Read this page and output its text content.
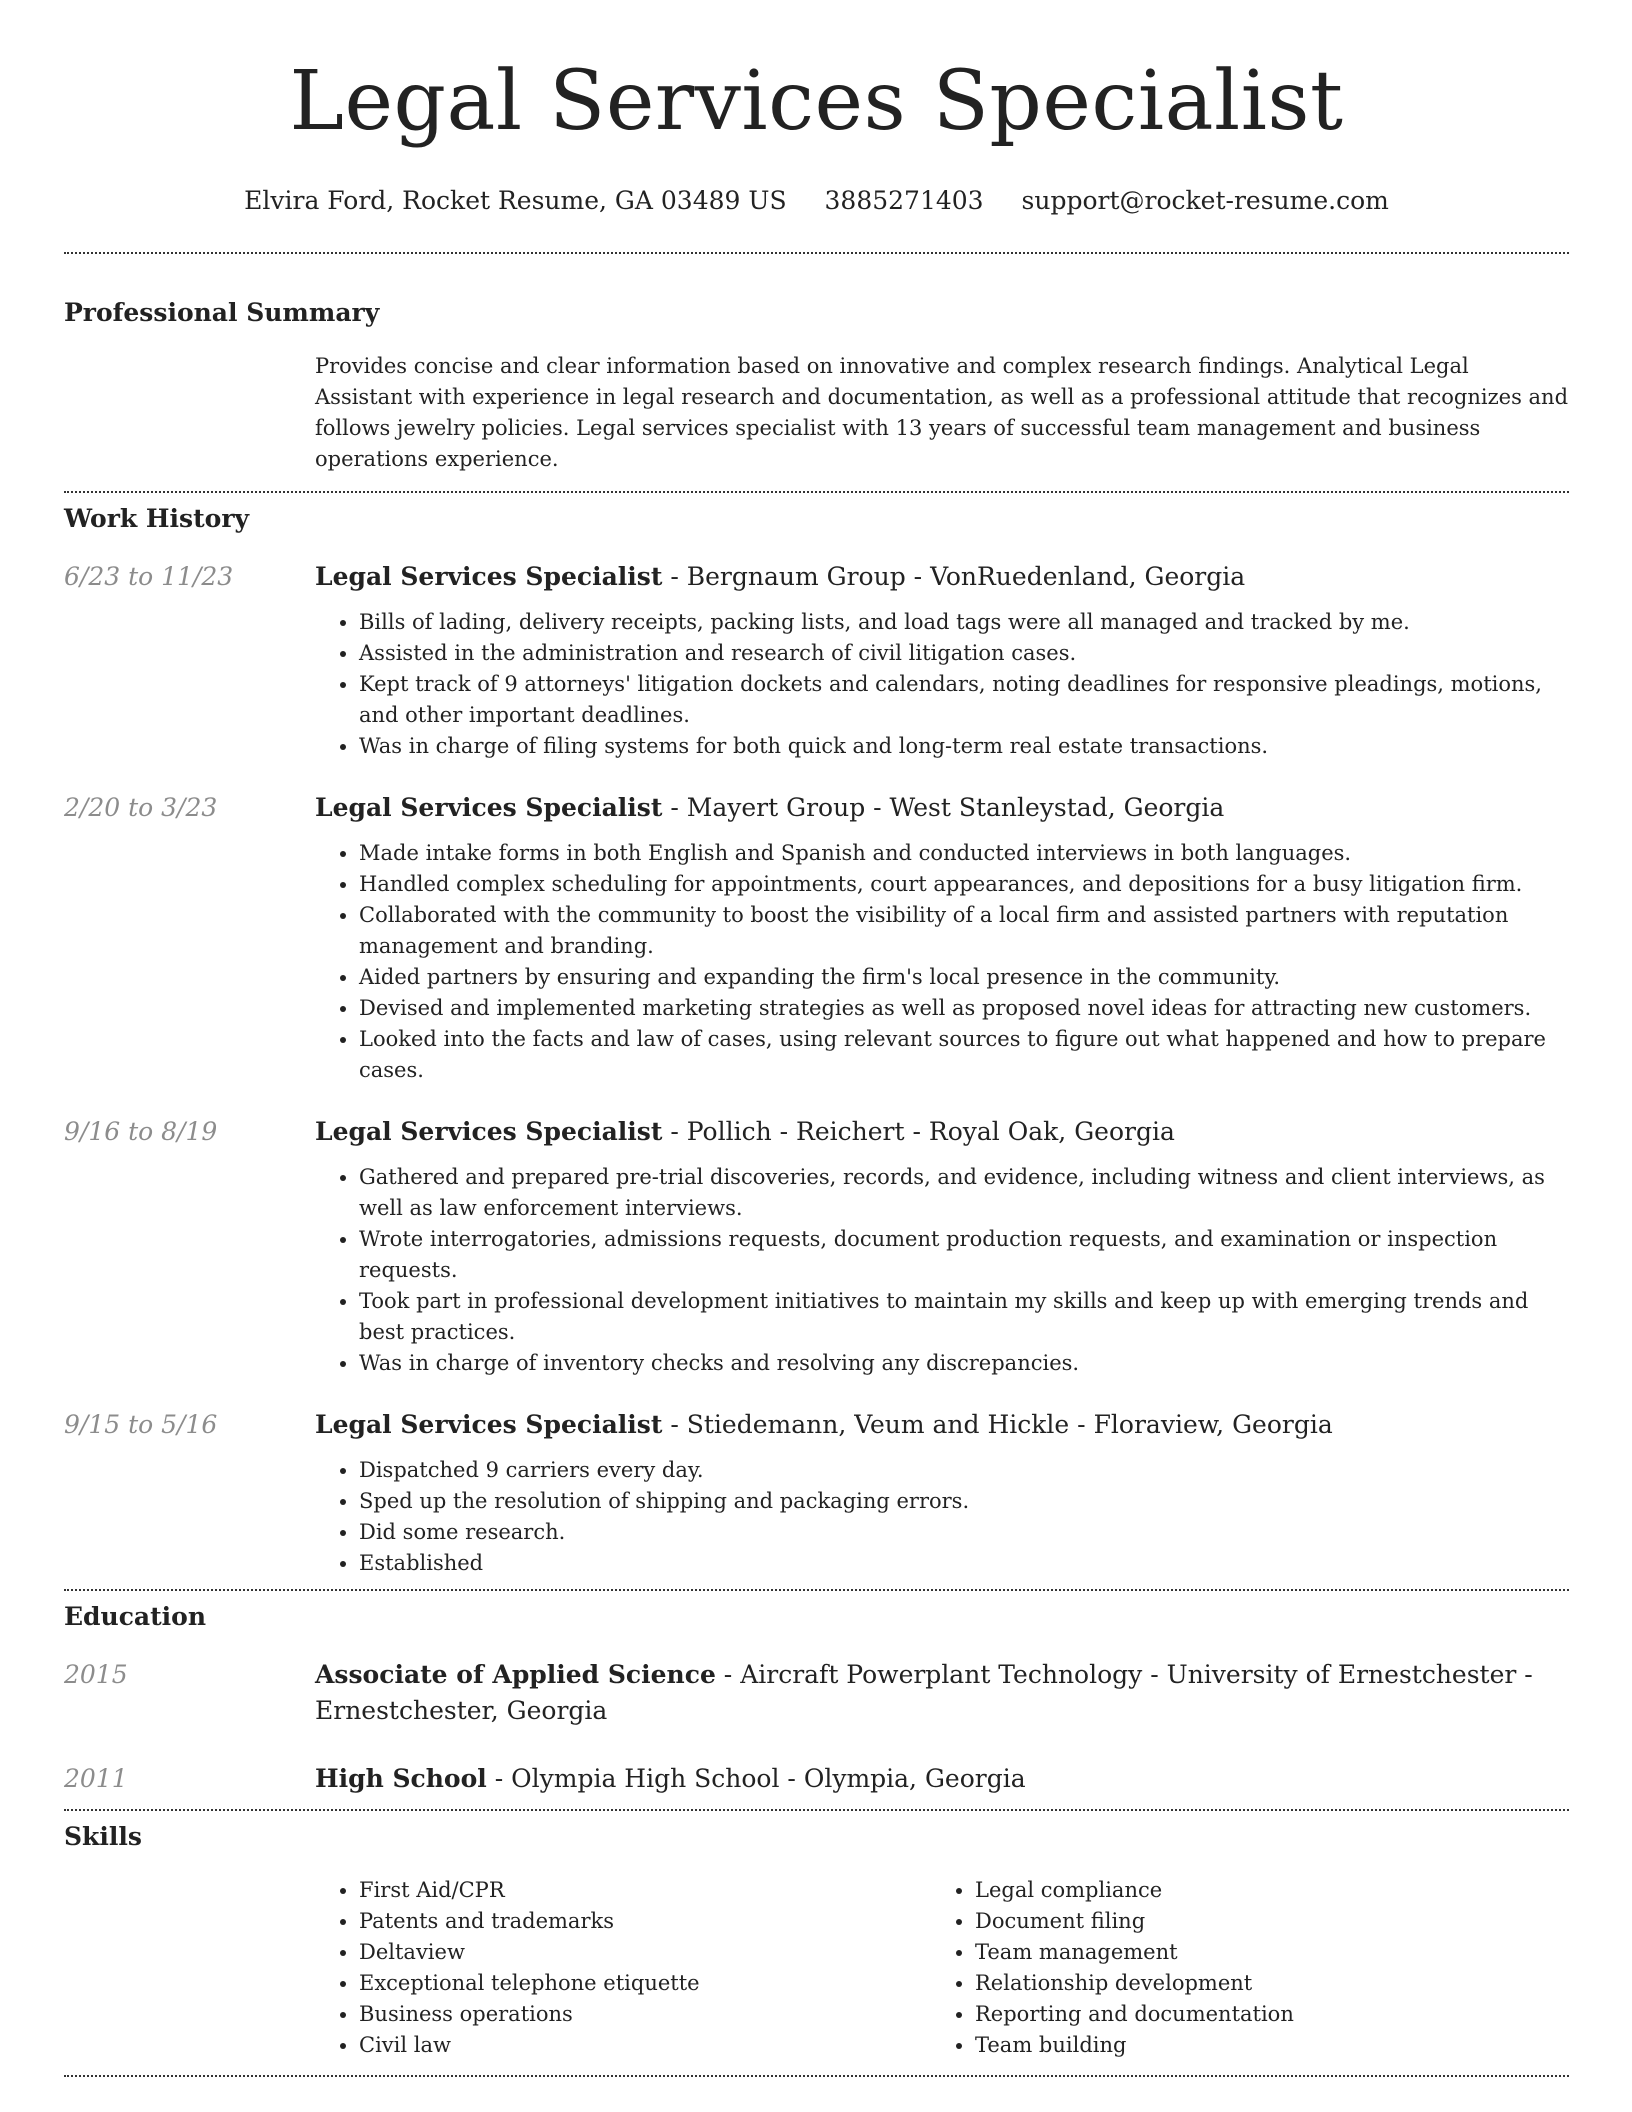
Legal Services Specialist
Elvira Ford, Rocket Resume, GA 03489 US 3885271403 support@rocket-resume.com
Professional Summary

Provides concise and clear information based on innovative and complex research findings. Analytical Legal Assistant with experience in legal research and documentation, as well as a professional attitude that recognizes and follows jewelry policies. Legal services specialist with 13 years of successful team management and business operations experience.

Work History
6/23 to 11/23	Legal Services Specialist - Bergnaum Group - VonRuedenland, Georgia

• Bills of lading, delivery receipts, packing lists, and load tags were all managed and tracked by me.
• Assisted in the administration and research of civil litigation cases.
• Kept track of 9 attorneys' litigation dockets and calendars, noting deadlines for responsive pleadings, motions, and other important deadlines.
• Was in charge of filing systems for both quick and long-term real estate transactions.
2/20 to 3/23	Legal Services Specialist - Mayert Group - West Stanleystad, Georgia

• Made intake forms in both English and Spanish and conducted interviews in both languages.
• Handled complex scheduling for appointments, court appearances, and depositions for a busy litigation firm.
• Collaborated with the community to boost the visibility of a local firm and assisted partners with reputation management and branding.
• Aided partners by ensuring and expanding the firm's local presence in the community.
• Devised and implemented marketing strategies as well as proposed novel ideas for attracting new customers.
• Looked into the facts and law of cases, using relevant sources to figure out what happened and how to prepare cases.
9/16 to 8/19	Legal Services Specialist - Pollich - Reichert - Royal Oak, Georgia

• Gathered and prepared pre-trial discoveries, records, and evidence, including witness and client interviews, as well as law enforcement interviews.
• Wrote interrogatories, admissions requests, document production requests, and examination or inspection requests.
• Took part in professional development initiatives to maintain my skills and keep up with emerging trends and best practices.
• Was in charge of inventory checks and resolving any discrepancies.
9/15 to 5/16	Legal Services Specialist - Stiedemann, Veum and Hickle - Floraview, Georgia

• Dispatched 9 carriers every day.
• Sped up the resolution of shipping and packaging errors.
• Did some research.
• Established
Education
2015	Associate of Applied Science - Aircraft Powerplant Technology - University of Ernestchester - Ernestchester, Georgia

2011	High School - Olympia High School - Olympia, Georgia

Skills
• First Aid/CPR
• Patents and trademarks
• Deltaview
• Exceptional telephone etiquette
• Business operations
• Civil law
• Legal compliance
• Document filing
• Team management
• Relationship development
• Reporting and documentation
• Team building
